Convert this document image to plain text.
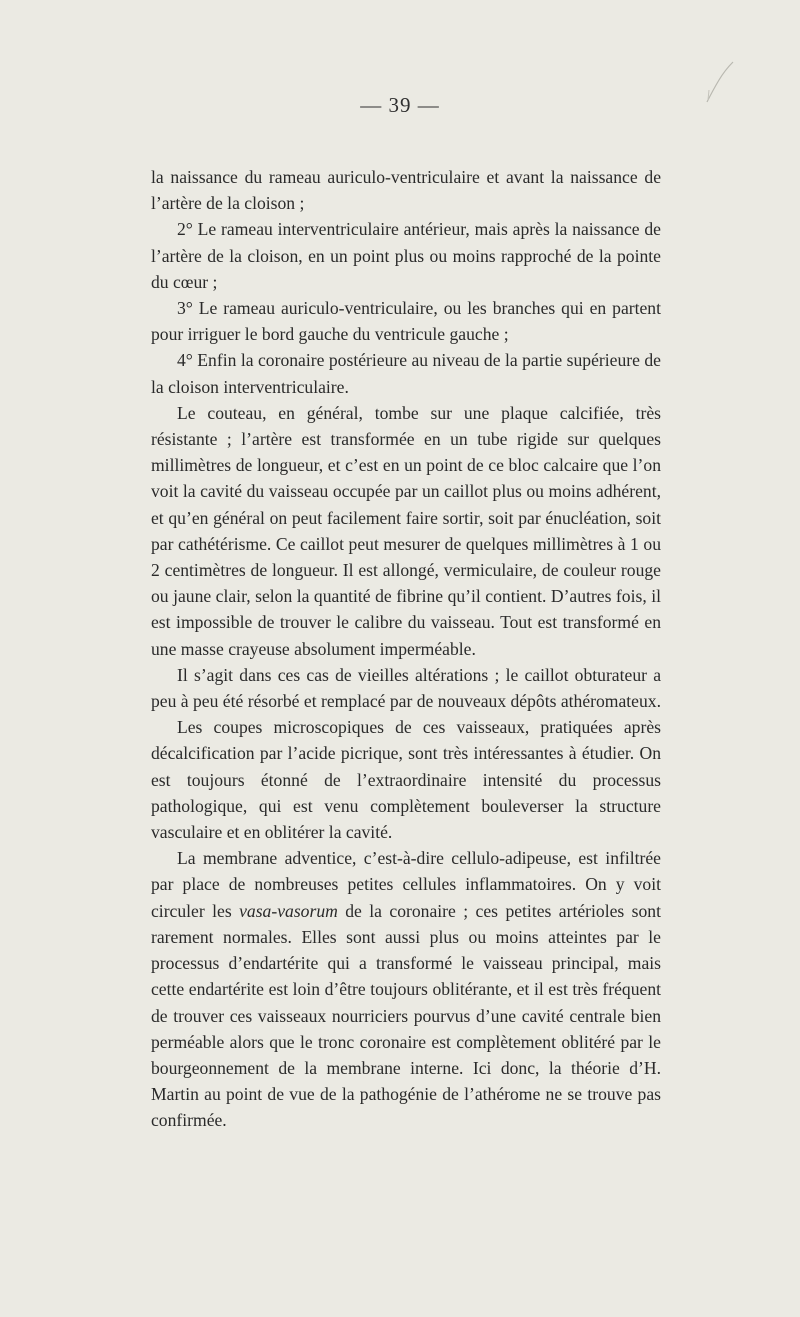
— 39 —

la naissance du rameau auriculo-ventriculaire et avant la naissance de l’artère de la cloison ;

2° Le rameau interventriculaire antérieur, mais après la naissance de l’artère de la cloison, en un point plus ou moins rapproché de la pointe du cœur ;

3° Le rameau auriculo-ventriculaire, ou les branches qui en partent pour irriguer le bord gauche du ventricule gauche ;

4° Enfin la coronaire postérieure au niveau de la partie supérieure de la cloison interventriculaire.

Le couteau, en général, tombe sur une plaque calcifiée, très résistante ; l’artère est transformée en un tube rigide sur quelques millimètres de longueur, et c’est en un point de ce bloc calcaire que l’on voit la cavité du vaisseau occupée par un caillot plus ou moins adhérent, et qu’en général on peut facilement faire sortir, soit par énucléation, soit par cathétérisme. Ce caillot peut mesurer de quelques millimètres à 1 ou 2 centimètres de longueur. Il est allongé, vermiculaire, de couleur rouge ou jaune clair, selon la quantité de fibrine qu’il contient. D’autres fois, il est impossible de trouver le calibre du vaisseau. Tout est transformé en une masse crayeuse absolument imperméable.

Il s’agit dans ces cas de vieilles altérations ; le caillot obturateur a peu à peu été résorbé et remplacé par de nouveaux dépôts athéromateux.

Les coupes microscopiques de ces vaisseaux, pratiquées après décalcification par l’acide picrique, sont très intéressantes à étudier. On est toujours étonné de l’extraordinaire intensité du processus pathologique, qui est venu complètement bouleverser la structure vasculaire et en oblitérer la cavité.

La membrane adventice, c’est-à-dire cellulo-adipeuse, est infiltrée par place de nombreuses petites cellules inflammatoires. On y voit circuler les vasa-vasorum de la coronaire ; ces petites artérioles sont rarement normales. Elles sont aussi plus ou moins atteintes par le processus d’endartérite qui a transformé le vaisseau principal, mais cette endartérite est loin d’être toujours oblitérante, et il est très fréquent de trouver ces vaisseaux nourriciers pourvus d’une cavité centrale bien perméable alors que le tronc coronaire est complètement oblitéré par le bourgeonnement de la membrane interne. Ici donc, la théorie d’H. Martin au point de vue de la pathogénie de l’athérome ne se trouve pas confirmée.
